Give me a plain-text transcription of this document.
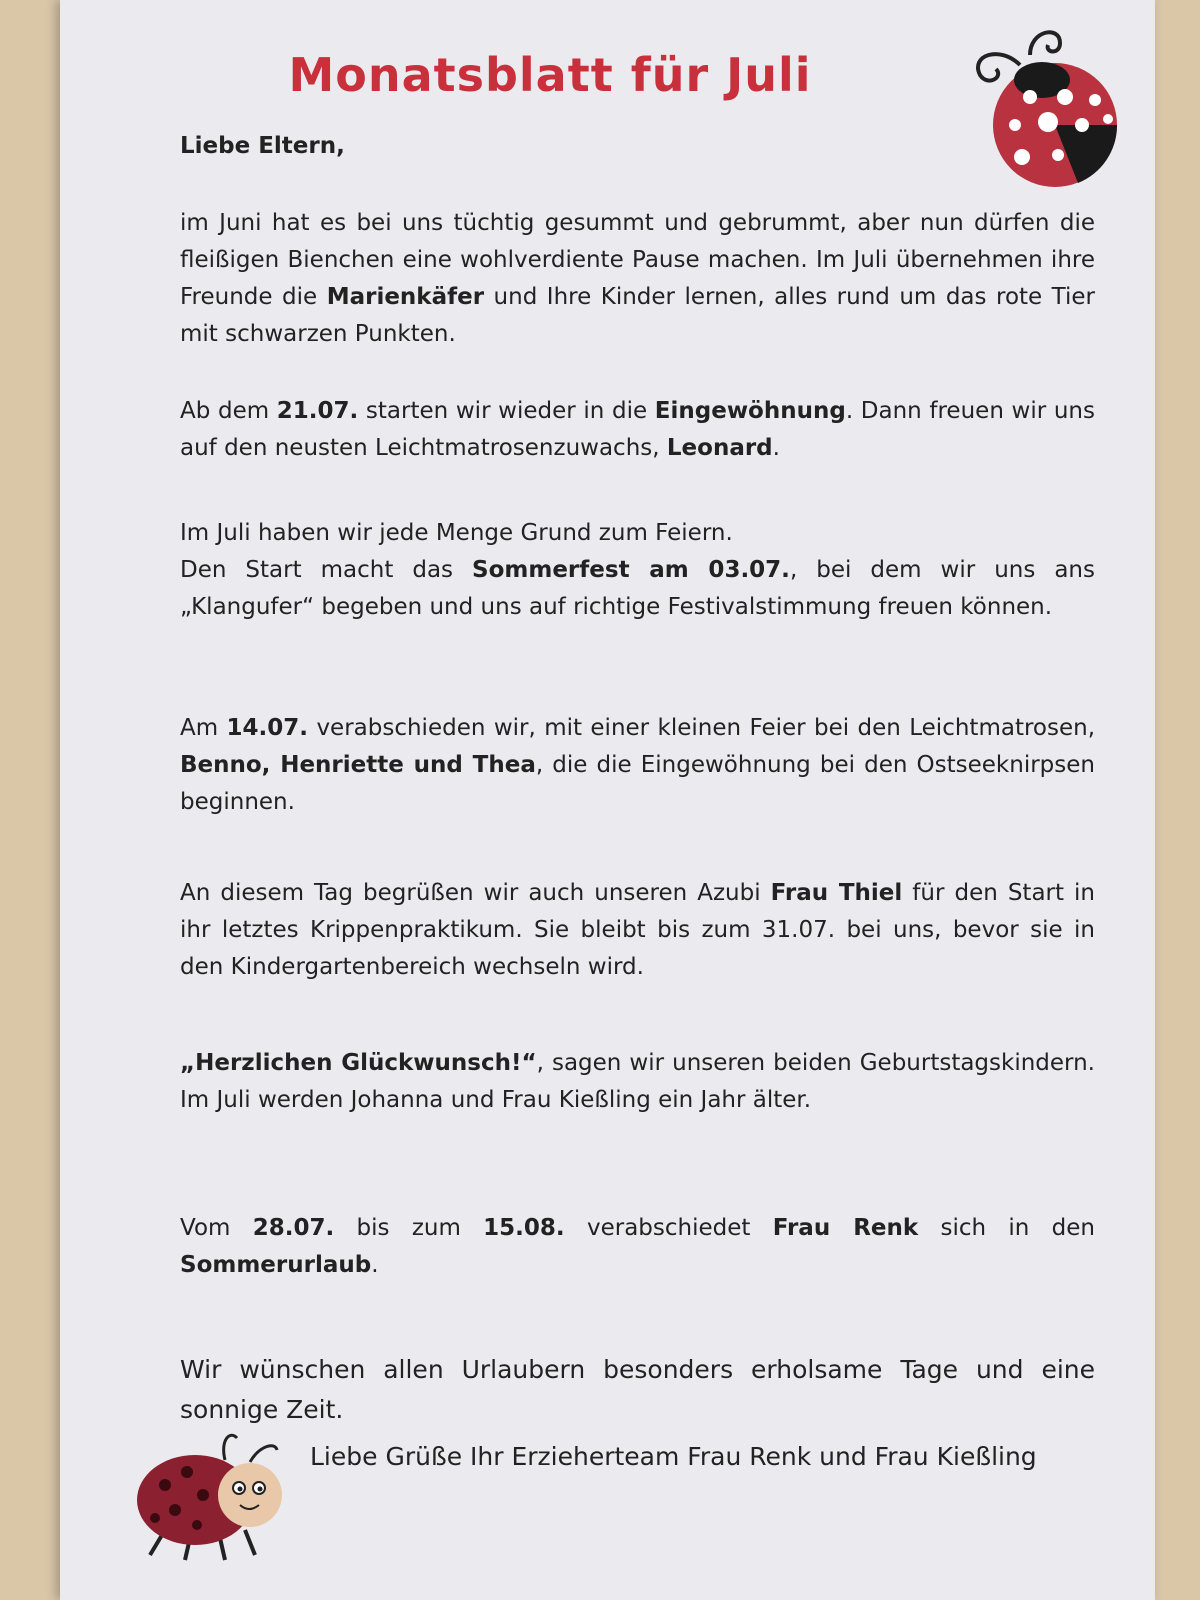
Monatsblatt für Juli

Liebe Eltern,

im Juni hat es bei uns tüchtig gesummt und gebrummt, aber nun dürfen die fleißigen Bienchen eine wohlverdiente Pause machen. Im Juli übernehmen ihre Freunde die Marienkäfer und Ihre Kinder lernen, alles rund um das rote Tier mit schwarzen Punkten.

Ab dem 21.07. starten wir wieder in die Eingewöhnung. Dann freuen wir uns auf den neusten Leichtmatrosenzuwachs, Leonard.

Im Juli haben wir jede Menge Grund zum Feiern.
Den Start macht das Sommerfest am 03.07., bei dem wir uns ans „Klangufer“ begeben und uns auf richtige Festivalstimmung freuen können.

Am 14.07. verabschieden wir, mit einer kleinen Feier bei den Leichtmatrosen, Benno, Henriette und Thea, die die Eingewöhnung bei den Ostseeknirpsen beginnen.

An diesem Tag begrüßen wir auch unseren Azubi Frau Thiel für den Start in ihr letztes Krippenpraktikum. Sie bleibt bis zum 31.07. bei uns, bevor sie in den Kindergartenbereich wechseln wird.

„Herzlichen Glückwunsch!“, sagen wir unseren beiden Geburtstagskindern. Im Juli werden Johanna und Frau Kießling ein Jahr älter.

Vom 28.07. bis zum 15.08. verabschiedet Frau Renk sich in den Sommerurlaub.

Wir wünschen allen Urlaubern besonders erholsame Tage und eine sonnige Zeit.

Liebe Grüße Ihr Erzieherteam Frau Renk und Frau Kießling
